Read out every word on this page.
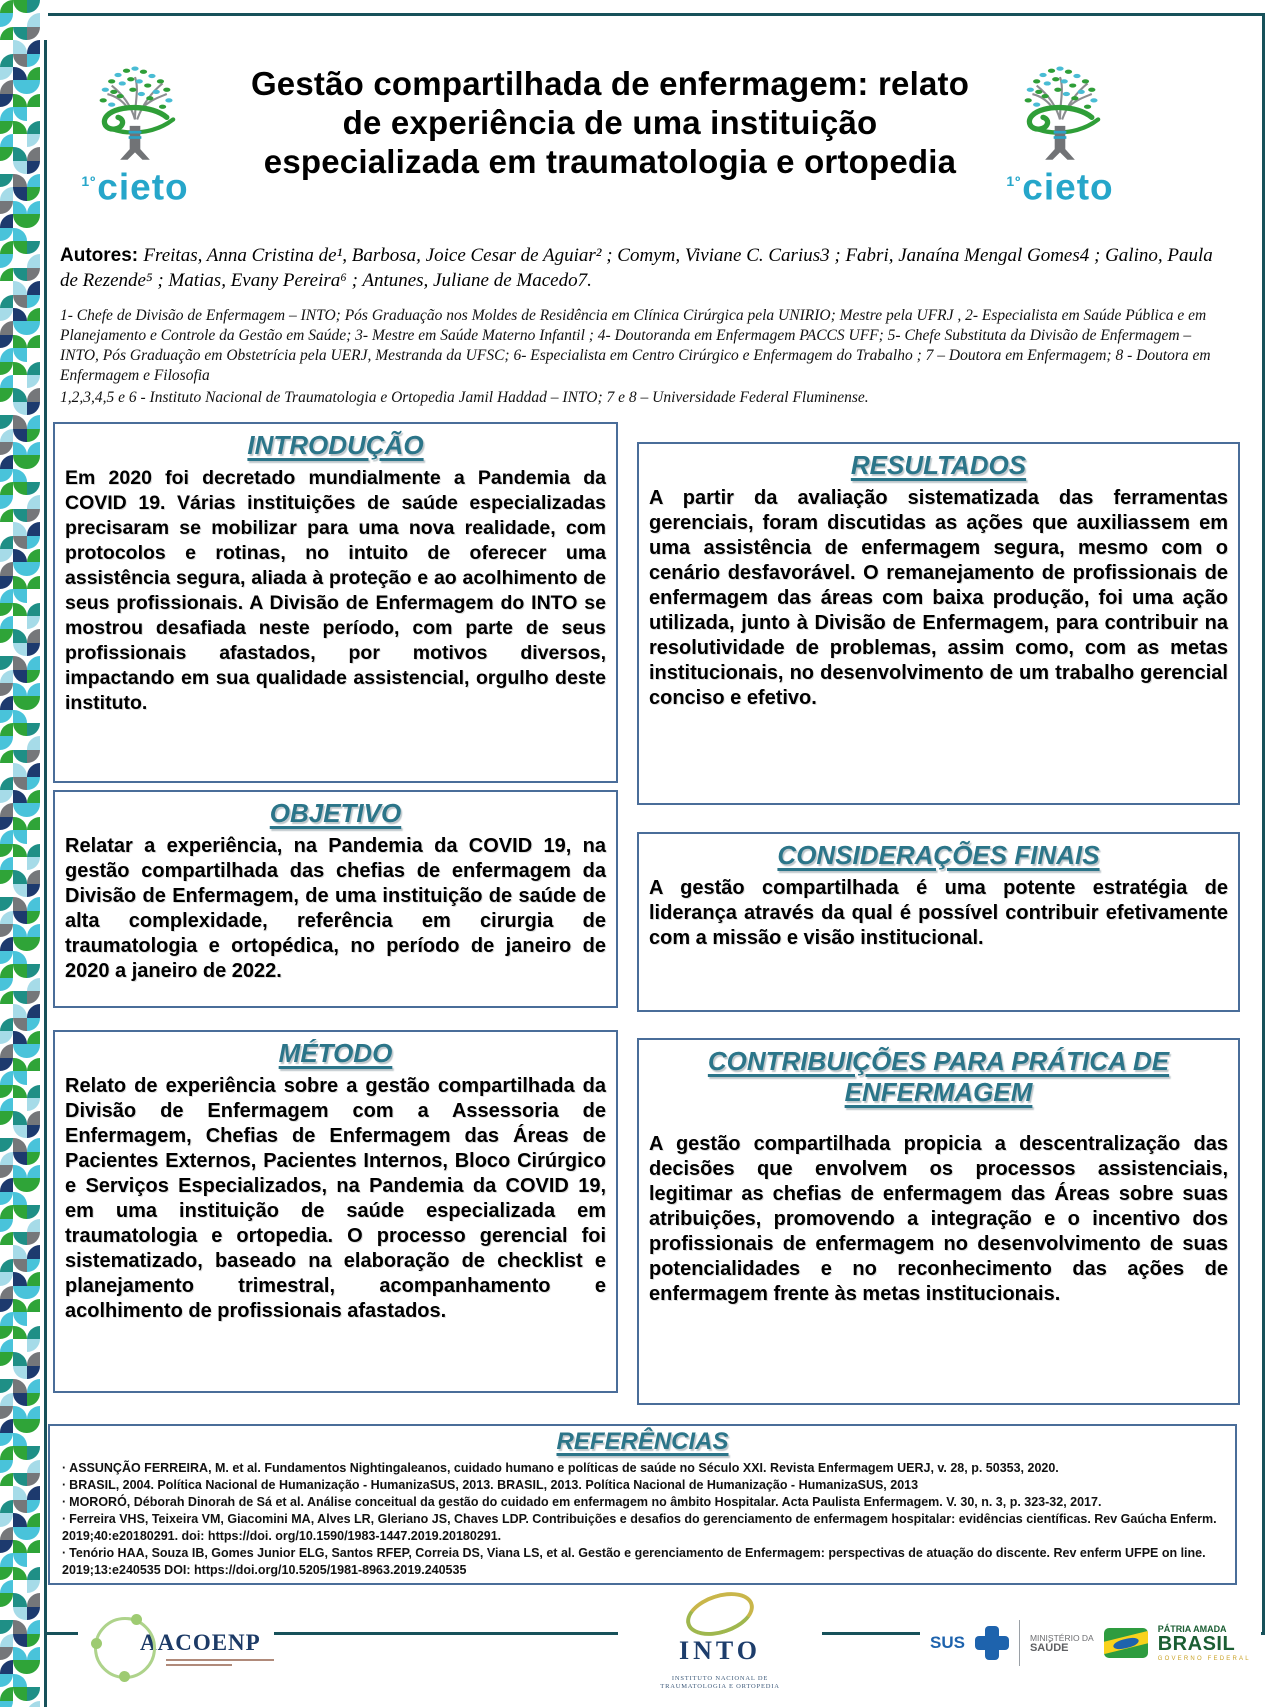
$^{1º}$cieto	$^{1º}$cieto
Gestão compartilhada de enfermagem: relato
de experiência de uma instituição
especializada em traumatologia e ortopedia

Autores: Freitas, Anna Cristina de¹, Barbosa, Joice Cesar de Aguiar² ; Comym, Viviane C. Carius3 ; Fabri, Janaína Mengal Gomes4 ; Galino, Paula de Rezende⁵ ; Matias, Evany Pereira⁶ ; Antunes, Juliane de Macedo7.

1- Chefe de Divisão de Enfermagem – INTO; Pós Graduação nos Moldes de Residência em Clínica Cirúrgica pela UNIRIO; Mestre pela UFRJ , 2- Especialista em Saúde Pública e em Planejamento e Controle da Gestão em Saúde; 3- Mestre em Saúde Materno Infantil ; 4- Doutoranda em Enfermagem PACCS UFF; 5- Chefe Substituta da Divisão de Enfermagem – INTO, Pós Graduação em Obstetrícia pela UERJ, Mestranda da UFSC; 6- Especialista em Centro Cirúrgico e Enfermagem do Trabalho ; 7 – Doutora em Enfermagem; 8 - Doutora em Enfermagem e Filosofia

1,2,3,4,5 e 6 - Instituto Nacional de Traumatologia e Ortopedia Jamil Haddad – INTO; 7 e 8 – Universidade Federal Fluminense.

INTRODUÇÃO

Em 2020 foi decretado mundialmente a Pandemia da COVID 19. Várias instituições de saúde especializadas precisaram se mobilizar para uma nova realidade, com protocolos e rotinas, no intuito de oferecer uma assistência segura, aliada à proteção e ao acolhimento de seus profissionais. A Divisão de Enfermagem do INTO se mostrou desafiada neste período, com parte de seus profissionais afastados, por motivos diversos, impactando em sua qualidade assistencial, orgulho deste instituto.

OBJETIVO

Relatar a experiência, na Pandemia da COVID 19, na gestão compartilhada das chefias de enfermagem da Divisão de Enfermagem, de uma instituição de saúde de alta complexidade, referência em cirurgia de traumatologia e ortopédica, no período de janeiro de 2020 a janeiro de 2022.

MÉTODO

Relato de experiência sobre a gestão compartilhada da Divisão de Enfermagem com a Assessoria de Enfermagem, Chefias de Enfermagem das Áreas de Pacientes Externos, Pacientes Internos, Bloco Cirúrgico e Serviços Especializados, na Pandemia da COVID 19, em uma instituição de saúde especializada em traumatologia e ortopedia. O processo gerencial foi sistematizado, baseado na elaboração de checklist e planejamento trimestral, acompanhamento e acolhimento de profissionais afastados.

RESULTADOS

A partir da avaliação sistematizada das ferramentas gerenciais, foram discutidas as ações que auxiliassem em uma assistência de enfermagem segura, mesmo com o cenário desfavorável. O remanejamento de profissionais de enfermagem das áreas com baixa produção, foi uma ação utilizada, junto à Divisão de Enfermagem, para contribuir na resolutividade de problemas, assim como, com as metas institucionais, no desenvolvimento de um trabalho gerencial conciso e efetivo.

CONSIDERAÇÕES FINAIS

A gestão compartilhada é uma potente estratégia de liderança através da qual é possível contribuir efetivamente com a missão e visão institucional.

CONTRIBUIÇÕES PARA PRÁTICA DE ENFERMAGEM

A gestão compartilhada propicia a descentralização das decisões que envolvem os processos assistenciais, legitimar as chefias de enfermagem das Áreas sobre suas atribuições, promovendo a integração e o incentivo dos profissionais de enfermagem no desenvolvimento de suas potencialidades e no reconhecimento das ações de enfermagem frente às metas institucionais.

REFERÊNCIAS
· ASSUNÇÃO FERREIRA, M. et al. Fundamentos Nightingaleanos, cuidado humano e políticas de saúde no Século XXI. Revista Enfermagem UERJ, v. 28, p. 50353, 2020.
· BRASIL, 2004. Política Nacional de Humanização - HumanizaSUS, 2013. BRASIL, 2013. Política Nacional de Humanização - HumanizaSUS, 2013
· MORORÓ, Déborah Dinorah de Sá et al. Análise conceitual da gestão do cuidado em enfermagem no âmbito Hospitalar. Acta Paulista Enfermagem. V. 30, n. 3, p. 323-32, 2017.
· Ferreira VHS, Teixeira VM, Giacomini MA, Alves LR, Gleriano JS, Chaves LDP. Contribuições e desafios do gerenciamento de enfermagem hospitalar: evidências científicas. Rev Gaúcha Enferm. 2019;40:e20180291. doi: https://doi. org/10.1590/1983-1447.2019.20180291.
· Tenório HAA, Souza IB, Gomes Junior ELG, Santos RFEP, Correia DS, Viana LS, et al. Gestão e gerenciamento de Enfermagem: perspectivas de atuação do discente. Rev enferm UFPE on line. 2019;13:e240535 DOI: https://doi.org/10.5205/1981-8963.2019.240535
AACOENP	INTO
INSTITUTO NACIONAL DE TRAUMATOLOGIA E ORTOPEDIA
SUS	MINISTÉRIO DA
SAÚDE
PÁTRIA AMADA
BRASIL
GOVERNO FEDERAL
